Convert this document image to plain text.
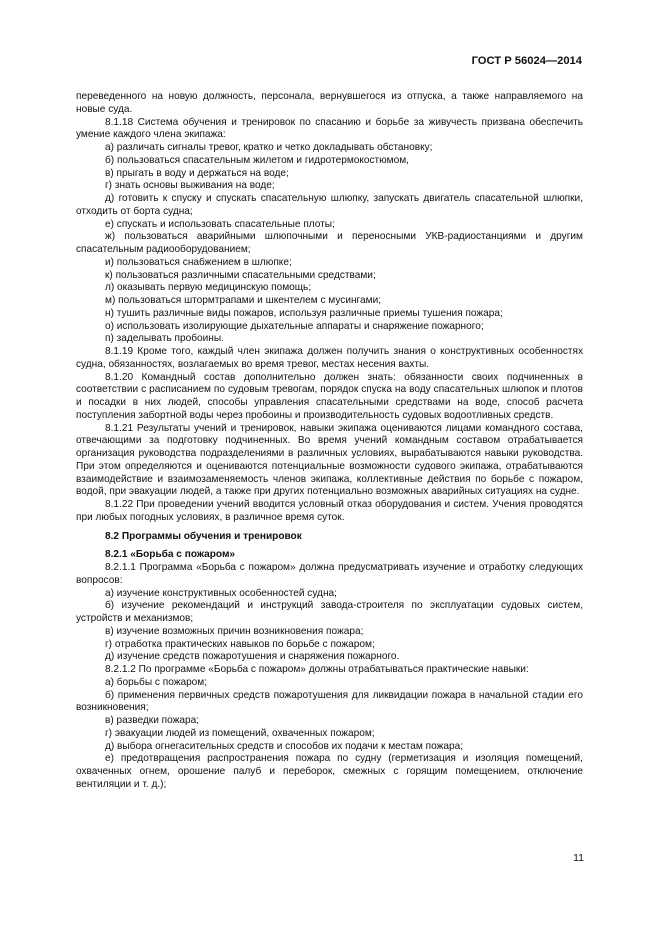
ГОСТ Р 56024—2014

переведенного на новую должность, персонала, вернувшегося из отпуска, а также направляемого на новые суда.

8.1.18 Система обучения и тренировок по спасанию и борьбе за живучесть призвана обеспечить умение каждого члена экипажа:

а) различать сигналы тревог, кратко и четко докладывать обстановку;

б) пользоваться спасательным жилетом и гидротермокостюмом,

в) прыгать в воду и держаться на воде;

г) знать основы выживания на воде;

д) готовить к спуску и спускать спасательную шлюпку, запускать двигатель спасательной шлюпки, отходить от борта судна;

е) спускать и использовать спасательные плоты;

ж) пользоваться аварийными шлюпочными и переносными УКВ-радиостанциями и другим спасательным радиооборудованием;

и) пользоваться снабжением в шлюпке;

к) пользоваться различными спасательными средствами;

л) оказывать первую медицинскую помощь;

м) пользоваться штормтрапами и шкентелем с мусингами;

н) тушить различные виды пожаров, используя различные приемы тушения пожара;

о) использовать изолирующие дыхательные аппараты и снаряжение пожарного;

п) заделывать пробоины.

8.1.19 Кроме того, каждый член экипажа должен получить знания о конструктивных особенностях судна, обязанностях, возлагаемых во время тревог, местах несения вахты.

8.1.20 Командный состав дополнительно должен знать: обязанности своих подчиненных в соответствии с расписанием по судовым тревогам, порядок спуска на воду спасательных шлюпок и плотов и посадки в них людей, способы управления спасательными средствами на воде, способ расчета поступления забортной воды через пробоины и производительность судовых водоотливных средств.

8.1.21 Результаты учений и тренировок, навыки экипажа оцениваются лицами командного состава, отвечающими за подготовку подчиненных. Во время учений командным составом отрабатывается организация руководства подразделениями в различных условиях, вырабатываются навыки руководства. При этом определяются и оцениваются потенциальные возможности судового экипажа, отрабатываются взаимодействие и взаимозаменяемость членов экипажа, коллективные действия по борьбе с пожаром, водой, при эвакуации людей, а также при других потенциально возможных аварийных ситуациях на судне.

8.1.22 При проведении учений вводится условный отказ оборудования и систем. Учения проводятся при любых погодных условиях, в различное время суток.

8.2 Программы обучения и тренировок

8.2.1 «Борьба с пожаром»

8.2.1.1 Программа «Борьба с пожаром» должна предусматривать изучение и отработку следующих вопросов:

а) изучение конструктивных особенностей судна;

б) изучение рекомендаций и инструкций завода-строителя по эксплуатации судовых систем, устройств и механизмов;

в) изучение возможных причин возникновения пожара;

г) отработка практических навыков по борьбе с пожаром;

д) изучение средств пожаротушения и снаряжения пожарного.

8.2.1.2 По программе «Борьба с пожаром» должны отрабатываться практические навыки:

а) борьбы с пожаром;

б) применения первичных средств пожаротушения для ликвидации пожара в начальной стадии его возникновения;

в) разведки пожара;

г) эвакуации людей из помещений, охваченных пожаром;

д) выбора огнегасительных средств и способов их подачи к местам пожара;

е) предотвращения распространения пожара по судну (герметизация и изоляция помещений, охваченных огнем, орошение палуб и переборок, смежных с горящим помещением, отключение вентиляции и т. д.);

11
